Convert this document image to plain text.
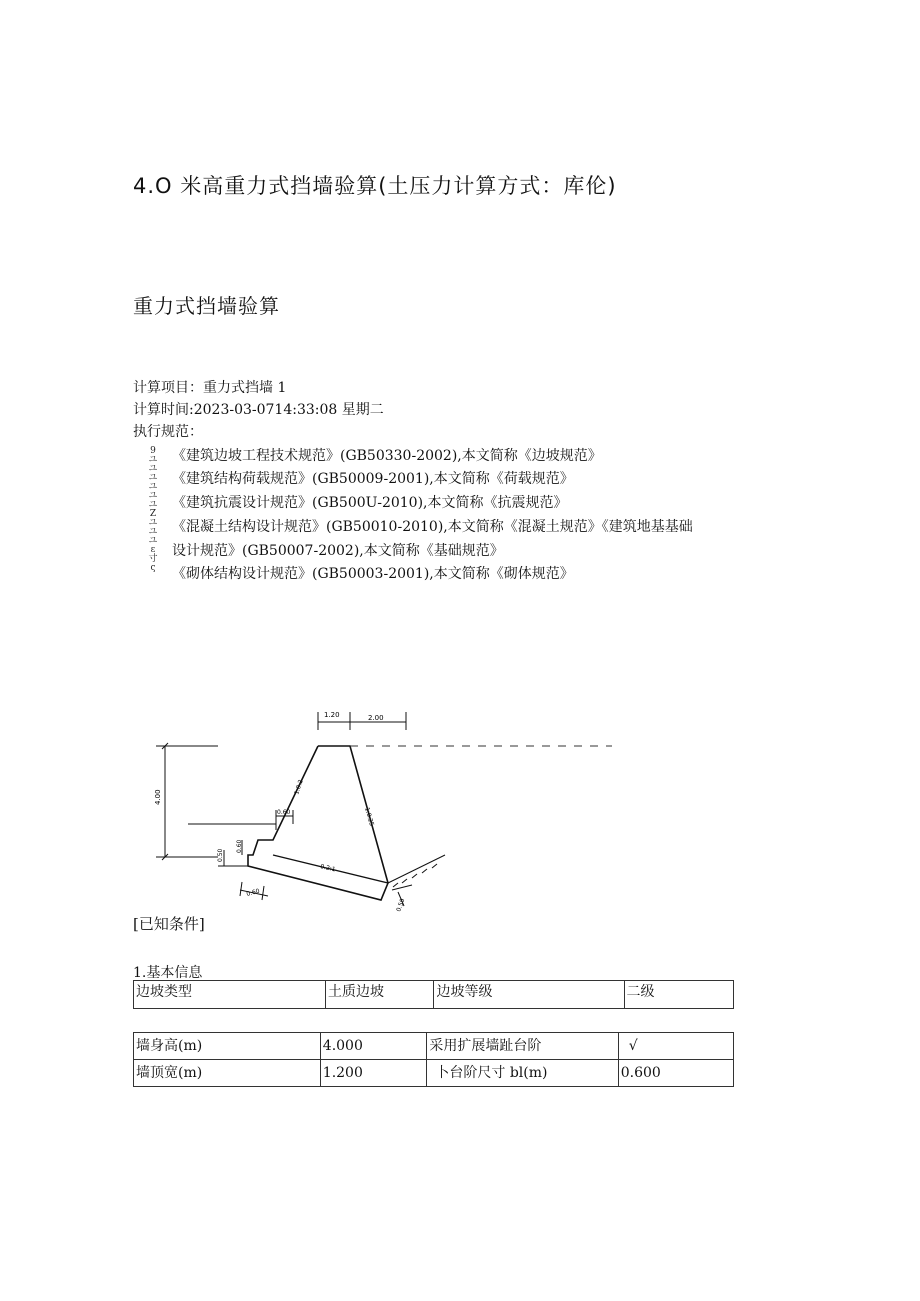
4.O 米高重力式挡墙验算(土压力计算方式：库伦)
重力式挡墙验算
计算项目：重力式挡墙 1
计算时间:2023-03-0714:33:08 星期二
执行规范：
9 ユ ユ ユ ユ ユ ユ Z ユ ユ ユ ε 寸 ς
《建筑边坡工程技术规范》(GB50330-2002),本文简称《边坡规范》
《建筑结构荷载规范》(GB50009-2001),本文简称《荷载规范》
《建筑抗震设计规范》(GB500U-2010),本文简称《抗震规范》
《混凝土结构设计规范》(GB50010-2010),本文简称《混凝土规范》《建筑地基基础
设计规范》(GB50007-2002),本文简称《基础规范》
《砌体结构设计规范》(GB50003-2001),本文简称《砌体规范》
4.00
1.20	2.00
1:0.2
1:0.25
0.2:1
0.60
0.60
0.50
0.60
0.50
[已知条件]
1.基本信息
边坡类型	土质边坡	边坡等级	二级
墙身高(m)	4.000	采用扩展墙趾台阶	√
墙顶宽(m)	1.200	卜台阶尺寸 bl(m)	0.600
